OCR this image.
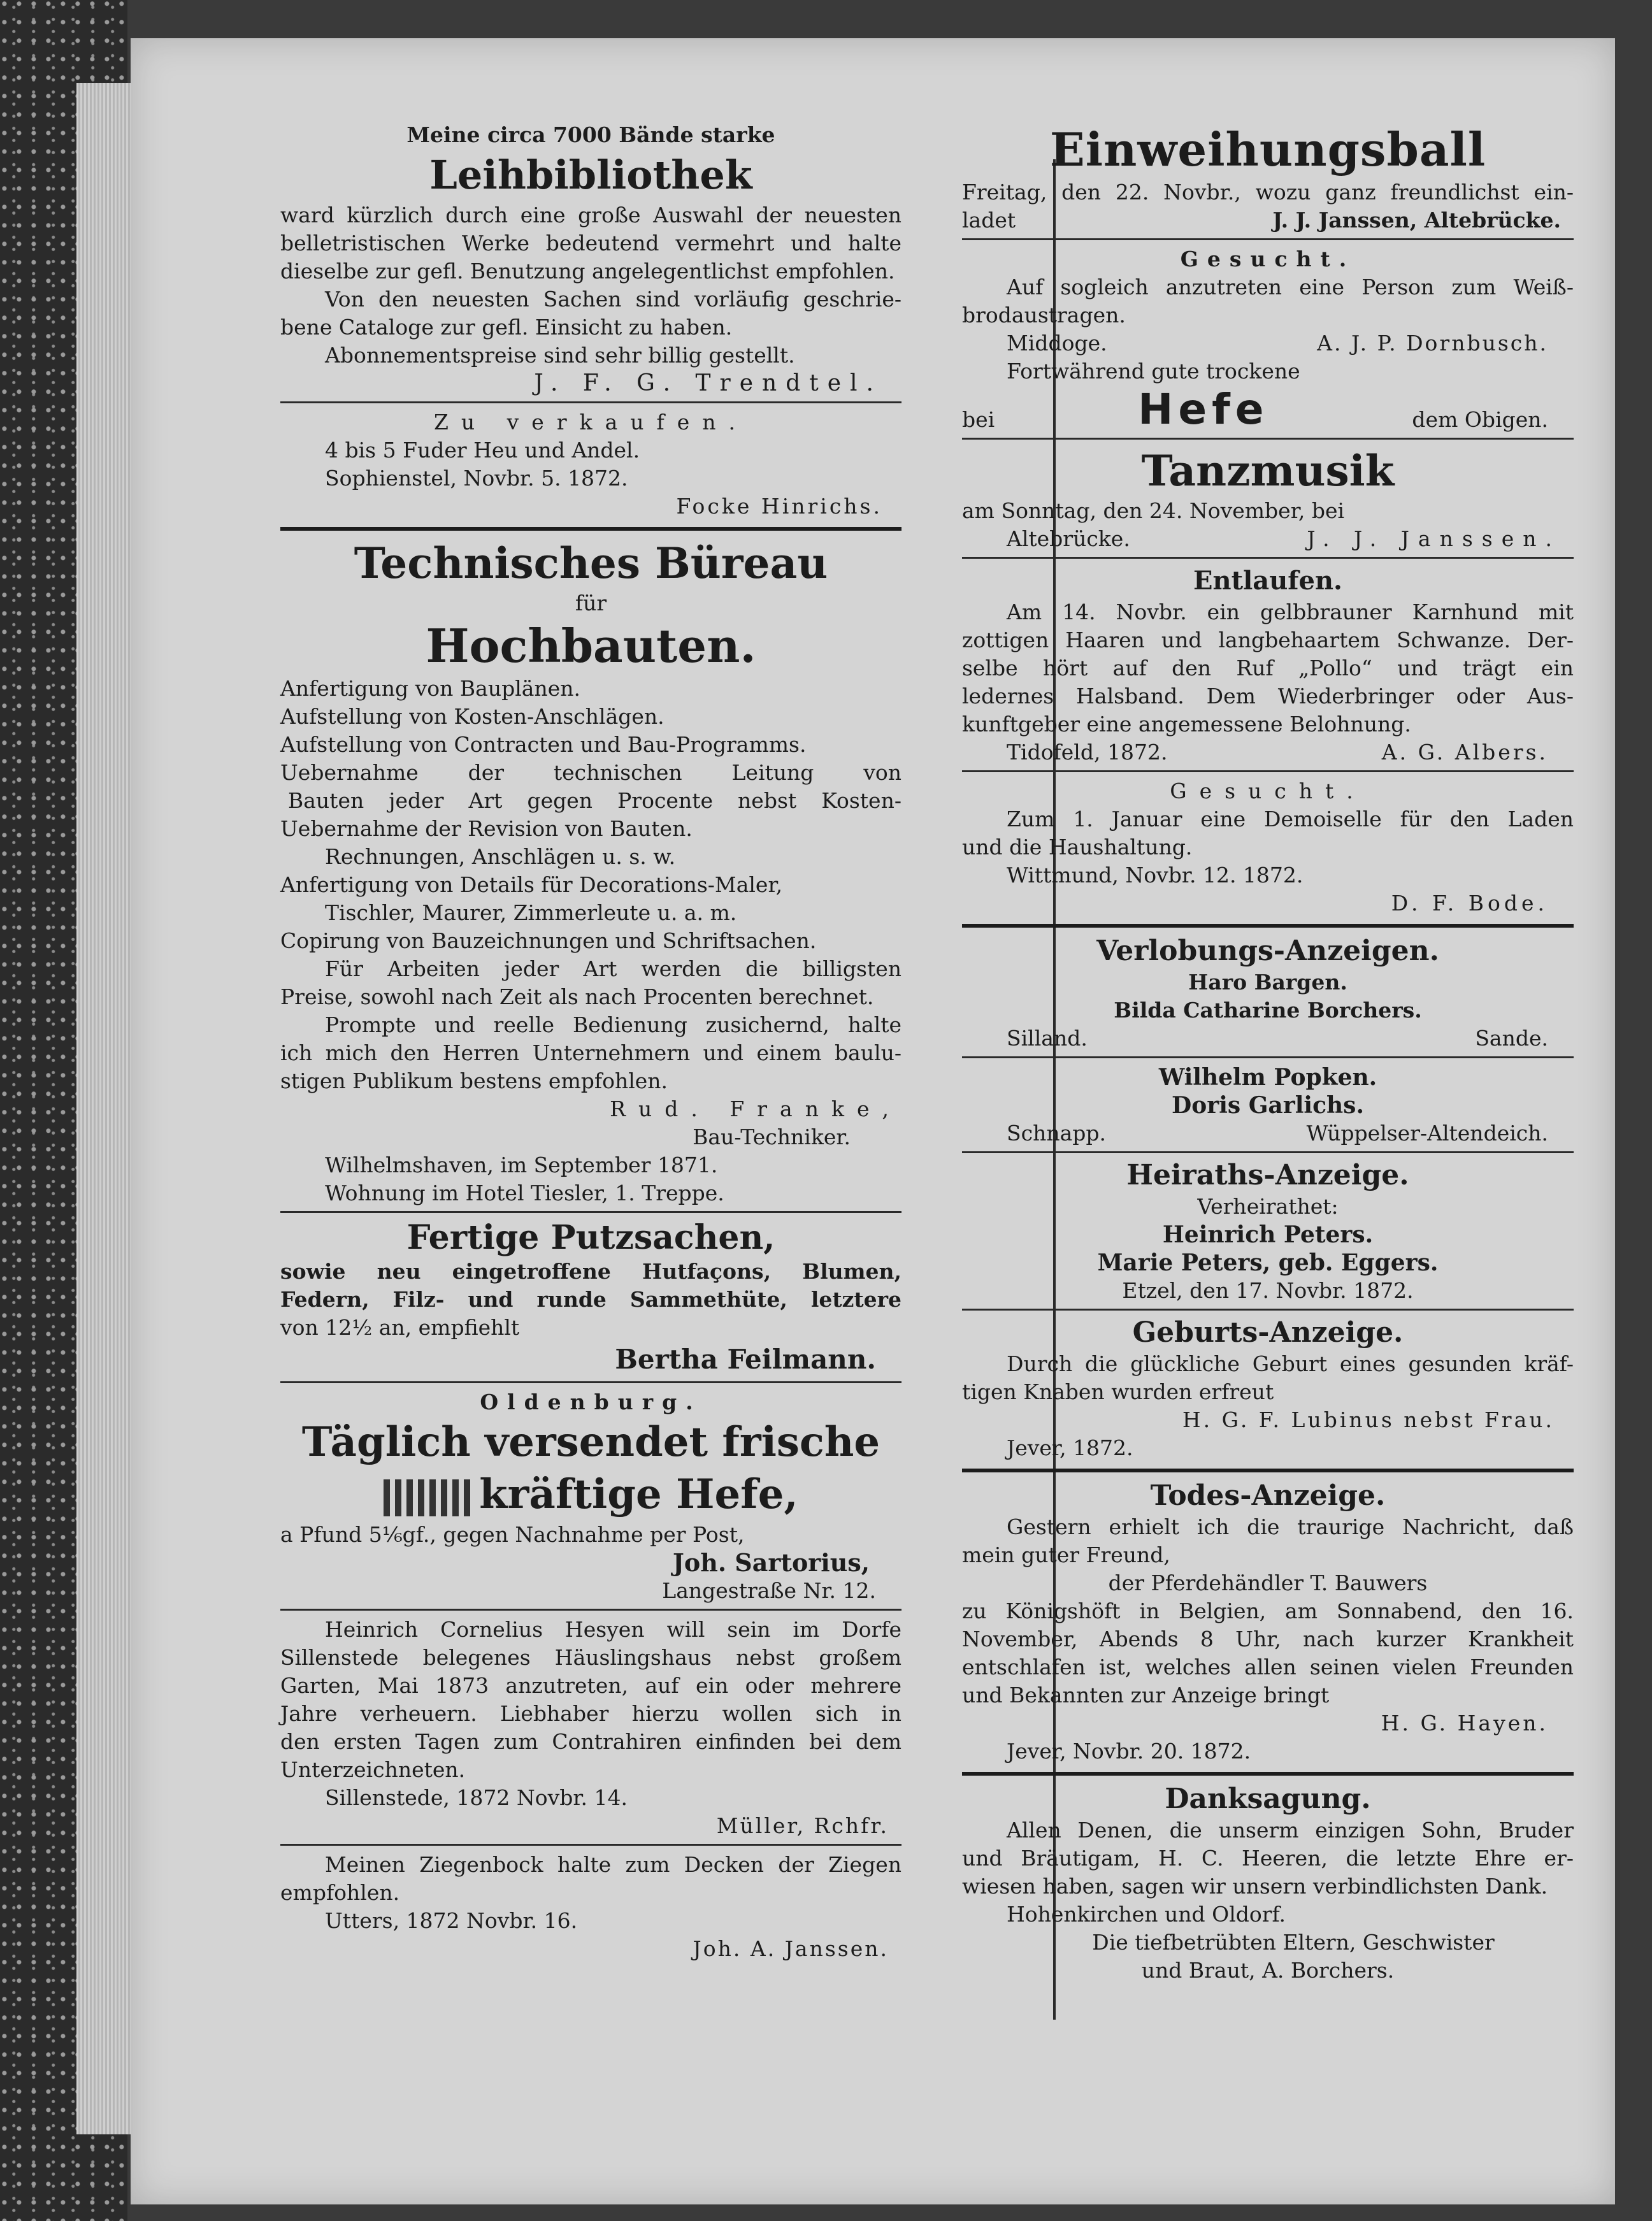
Meine circa 7000 Bände starke

Leihbibliothek

ward kürzlich durch eine große Auswahl der neuesten

belletristischen Werke bedeutend vermehrt und halte

dieselbe zur gefl. Benutzung angelegentlichst empfohlen.

Von den neuesten Sachen sind vorläufig geschrie-

bene Cataloge zur gefl. Einsicht zu haben.

Abonnementspreise sind sehr billig gestellt.

J. F. G. Trendtel.

Zu verkaufen.

4 bis 5 Fuder Heu und Andel.

Sophienstel, Novbr. 5. 1872.

Focke Hinrichs.

Technisches Büreau

für

Hochbauten.

Anfertigung von Bauplänen.

Aufstellung von Kosten-Anschlägen.

Aufstellung von Contracten und Bau-Programms.

Uebernahme der technischen Leitung von

Bauten jeder Art gegen Procente nebst Kosten-

Uebernahme der Revision von Bauten.

Rechnungen, Anschlägen u. s. w.

Anfertigung von Details für Decorations-Maler,

Tischler, Maurer, Zimmerleute u. a. m.

Copirung von Bauzeichnungen und Schriftsachen.

Für Arbeiten jeder Art werden die billigsten

Preise, sowohl nach Zeit als nach Procenten berechnet.

Prompte und reelle Bedienung zusichernd, halte

ich mich den Herren Unternehmern und einem baulu-

stigen Publikum bestens empfohlen.

Rud. Franke,

Bau-Techniker.

Wilhelmshaven, im September 1871.

Wohnung im Hotel Tiesler, 1. Treppe.

Fertige Putzsachen,

sowie neu eingetroffene Hutfaçons, Blumen,

Federn, Filz- und runde Sammethüte, letztere

von 12½ an, empfiehlt

Bertha Feilmann.

Oldenburg.

Täglich versendet frische
kräftige Hefe,

a Pfund 5⅙gf., gegen Nachnahme per Post,

Joh. Sartorius,

Langestraße Nr. 12.

Heinrich Cornelius Hesyen will sein im Dorfe

Sillenstede belegenes Häuslingshaus nebst großem

Garten, Mai 1873 anzutreten, auf ein oder mehrere

Jahre verheuern. Liebhaber hierzu wollen sich in

den ersten Tagen zum Contrahiren einfinden bei dem

Unterzeichneten.

Sillenstede, 1872 Novbr. 14.

Müller, Rchfr.

Meinen Ziegenbock halte zum Decken der Ziegen

empfohlen.

Utters, 1872 Novbr. 16.

Joh. A. Janssen.

Einweihungsball

Freitag, den 22. Novbr., wozu ganz freundlichst ein-

ladet	J. J. Janssen, Altebrücke.

Gesucht.

Auf sogleich anzutreten eine Person zum Weiß-

brodaustragen.

Middoge.	A. J. P. Dornbusch.

Fortwährend gute trockene

bei	Hefe	dem Obigen.
Tanzmusik

am Sonntag, den 24. November, bei

Altebrücke.	J. J. Janssen.
Entlaufen.

Am 14. Novbr. ein gelbbrauner Karnhund mit

zottigen Haaren und langbehaartem Schwanze. Der-

selbe hört auf den Ruf „Pollo“ und trägt ein

ledernes Halsband. Dem Wiederbringer oder Aus-

kunftgeber eine angemessene Belohnung.

Tidofeld, 1872.	A. G. Albers.

Gesucht.

Zum 1. Januar eine Demoiselle für den Laden

und die Haushaltung.

Wittmund, Novbr. 12. 1872.

D. F. Bode.

Verlobungs-Anzeigen.

Haro Bargen.

Bilda Catharine Borchers.

Silland.	Sande.

Wilhelm Popken.

Doris Garlichs.

Schnapp.	Wüppelser-Altendeich.
Heiraths-Anzeige.

Verheirathet:

Heinrich Peters.

Marie Peters, geb. Eggers.

Etzel, den 17. Novbr. 1872.

Geburts-Anzeige.

Durch die glückliche Geburt eines gesunden kräf-

tigen Knaben wurden erfreut

H. G. F. Lubinus nebst Frau.

Jever, 1872.

Todes-Anzeige.

Gestern erhielt ich die traurige Nachricht, daß

mein guter Freund,

der Pferdehändler T. Bauwers

zu Königshöft in Belgien, am Sonnabend, den 16.

November, Abends 8 Uhr, nach kurzer Krankheit

entschlafen ist, welches allen seinen vielen Freunden

und Bekannten zur Anzeige bringt

H. G. Hayen.

Jever, Novbr. 20. 1872.

Danksagung.

Allen Denen, die unserm einzigen Sohn, Bruder

und Bräutigam, H. C. Heeren, die letzte Ehre er-

wiesen haben, sagen wir unsern verbindlichsten Dank.

Hohenkirchen und Oldorf.

Die tiefbetrübten Eltern, Geschwister

und Braut, A. Borchers.
